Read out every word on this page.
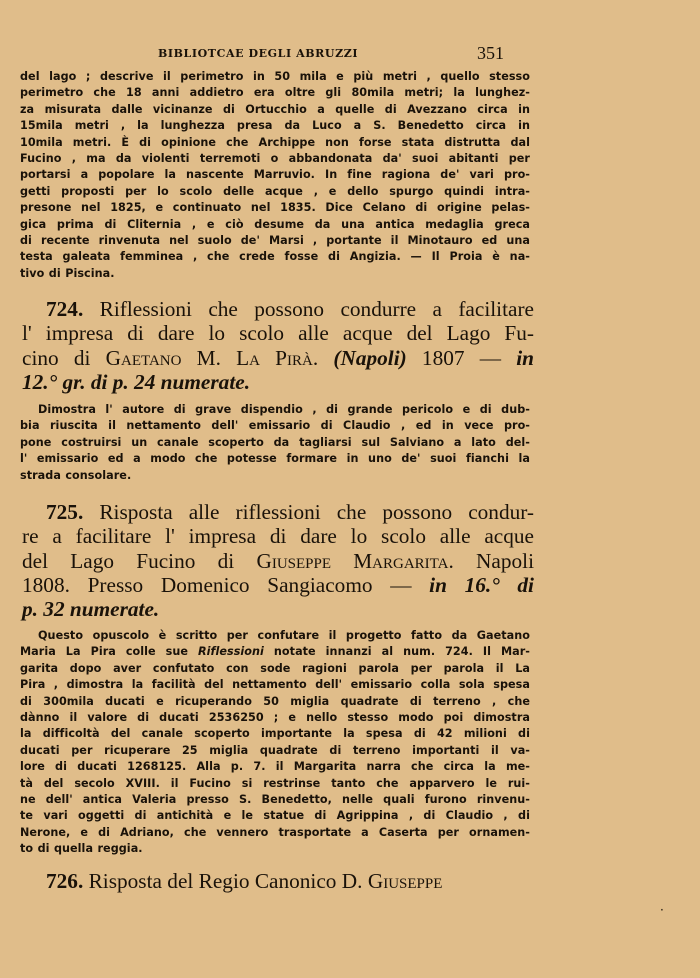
BIBLIOTCAE DEGLI ABRUZZI	351
del lago ; descrive il perimetro in 50 mila e più metri , quello stesso
perimetro che 18 anni addietro era oltre gli 80mila metri; la lunghez-
za misurata dalle vicinanze di Ortucchio a quelle di Avezzano circa in
15mila metri , la lunghezza presa da Luco a S. Benedetto circa in
10mila metri. È di opinione che Archippe non forse stata distrutta dal
Fucino , ma da violenti terremoti o abbandonata da' suoi abitanti per
portarsi a popolare la nascente Marruvio. In fine ragiona de' vari pro-
getti proposti per lo scolo delle acque , e dello spurgo quindi intra-
presone nel 1825, e continuato nel 1835. Dice Celano di origine pelas-
gica prima di Cliternia , e ciò desume da una antica medaglia greca
di recente rinvenuta nel suolo de' Marsi , portante il Minotauro ed una
testa galeata femminea , che crede fosse di Angizia. — Il Proia è na-
tivo di Piscina.
724. Riflessioni che possono condurre a facilitare
l' impresa di dare lo scolo alle acque del Lago Fu-
cino di Gaetano M. La Pirà. (Napoli) 1807 — in
12.° gr. di p. 24 numerate.
Dimostra l' autore di grave dispendio , di grande pericolo e di dub-
bia riuscita il nettamento dell' emissario di Claudio , ed in vece pro-
pone costruirsi un canale scoperto da tagliarsi sul Salviano a lato del-
l' emissario ed a modo che potesse formare in uno de' suoi fianchi la
strada consolare.
725. Risposta alle riflessioni che possono condur-
re a facilitare l' impresa di dare lo scolo alle acque
del Lago Fucino di Giuseppe Margarita. Napoli
1808. Presso Domenico Sangiacomo — in 16.° di
p. 32 numerate.
Questo opuscolo è scritto per confutare il progetto fatto da Gaetano
Maria La Pira colle sue Riflessioni notate innanzi al num. 724. Il Mar-
garita dopo aver confutato con sode ragioni parola per parola il La
Pira , dimostra la facilità del nettamento dell' emissario colla sola spesa
di 300mila ducati e ricuperando 50 miglia quadrate di terreno , che
dànno il valore di ducati 2536250 ; e nello stesso modo poi dimostra
la difficoltà del canale scoperto importante la spesa di 42 milioni di
ducati per ricuperare 25 miglia quadrate di terreno importanti il va-
lore di ducati 1268125. Alla p. 7. il Margarita narra che circa la me-
tà del secolo XVIII. il Fucino si restrinse tanto che apparvero le rui-
ne dell' antica Valeria presso S. Benedetto, nelle quali furono rinvenu-
te vari oggetti di antichità e le statue di Agrippina , di Claudio , di
Nerone, e di Adriano, che vennero trasportate a Caserta per ornamen-
to di quella reggia.
726. Risposta del Regio Canonico D. Giuseppe
·
